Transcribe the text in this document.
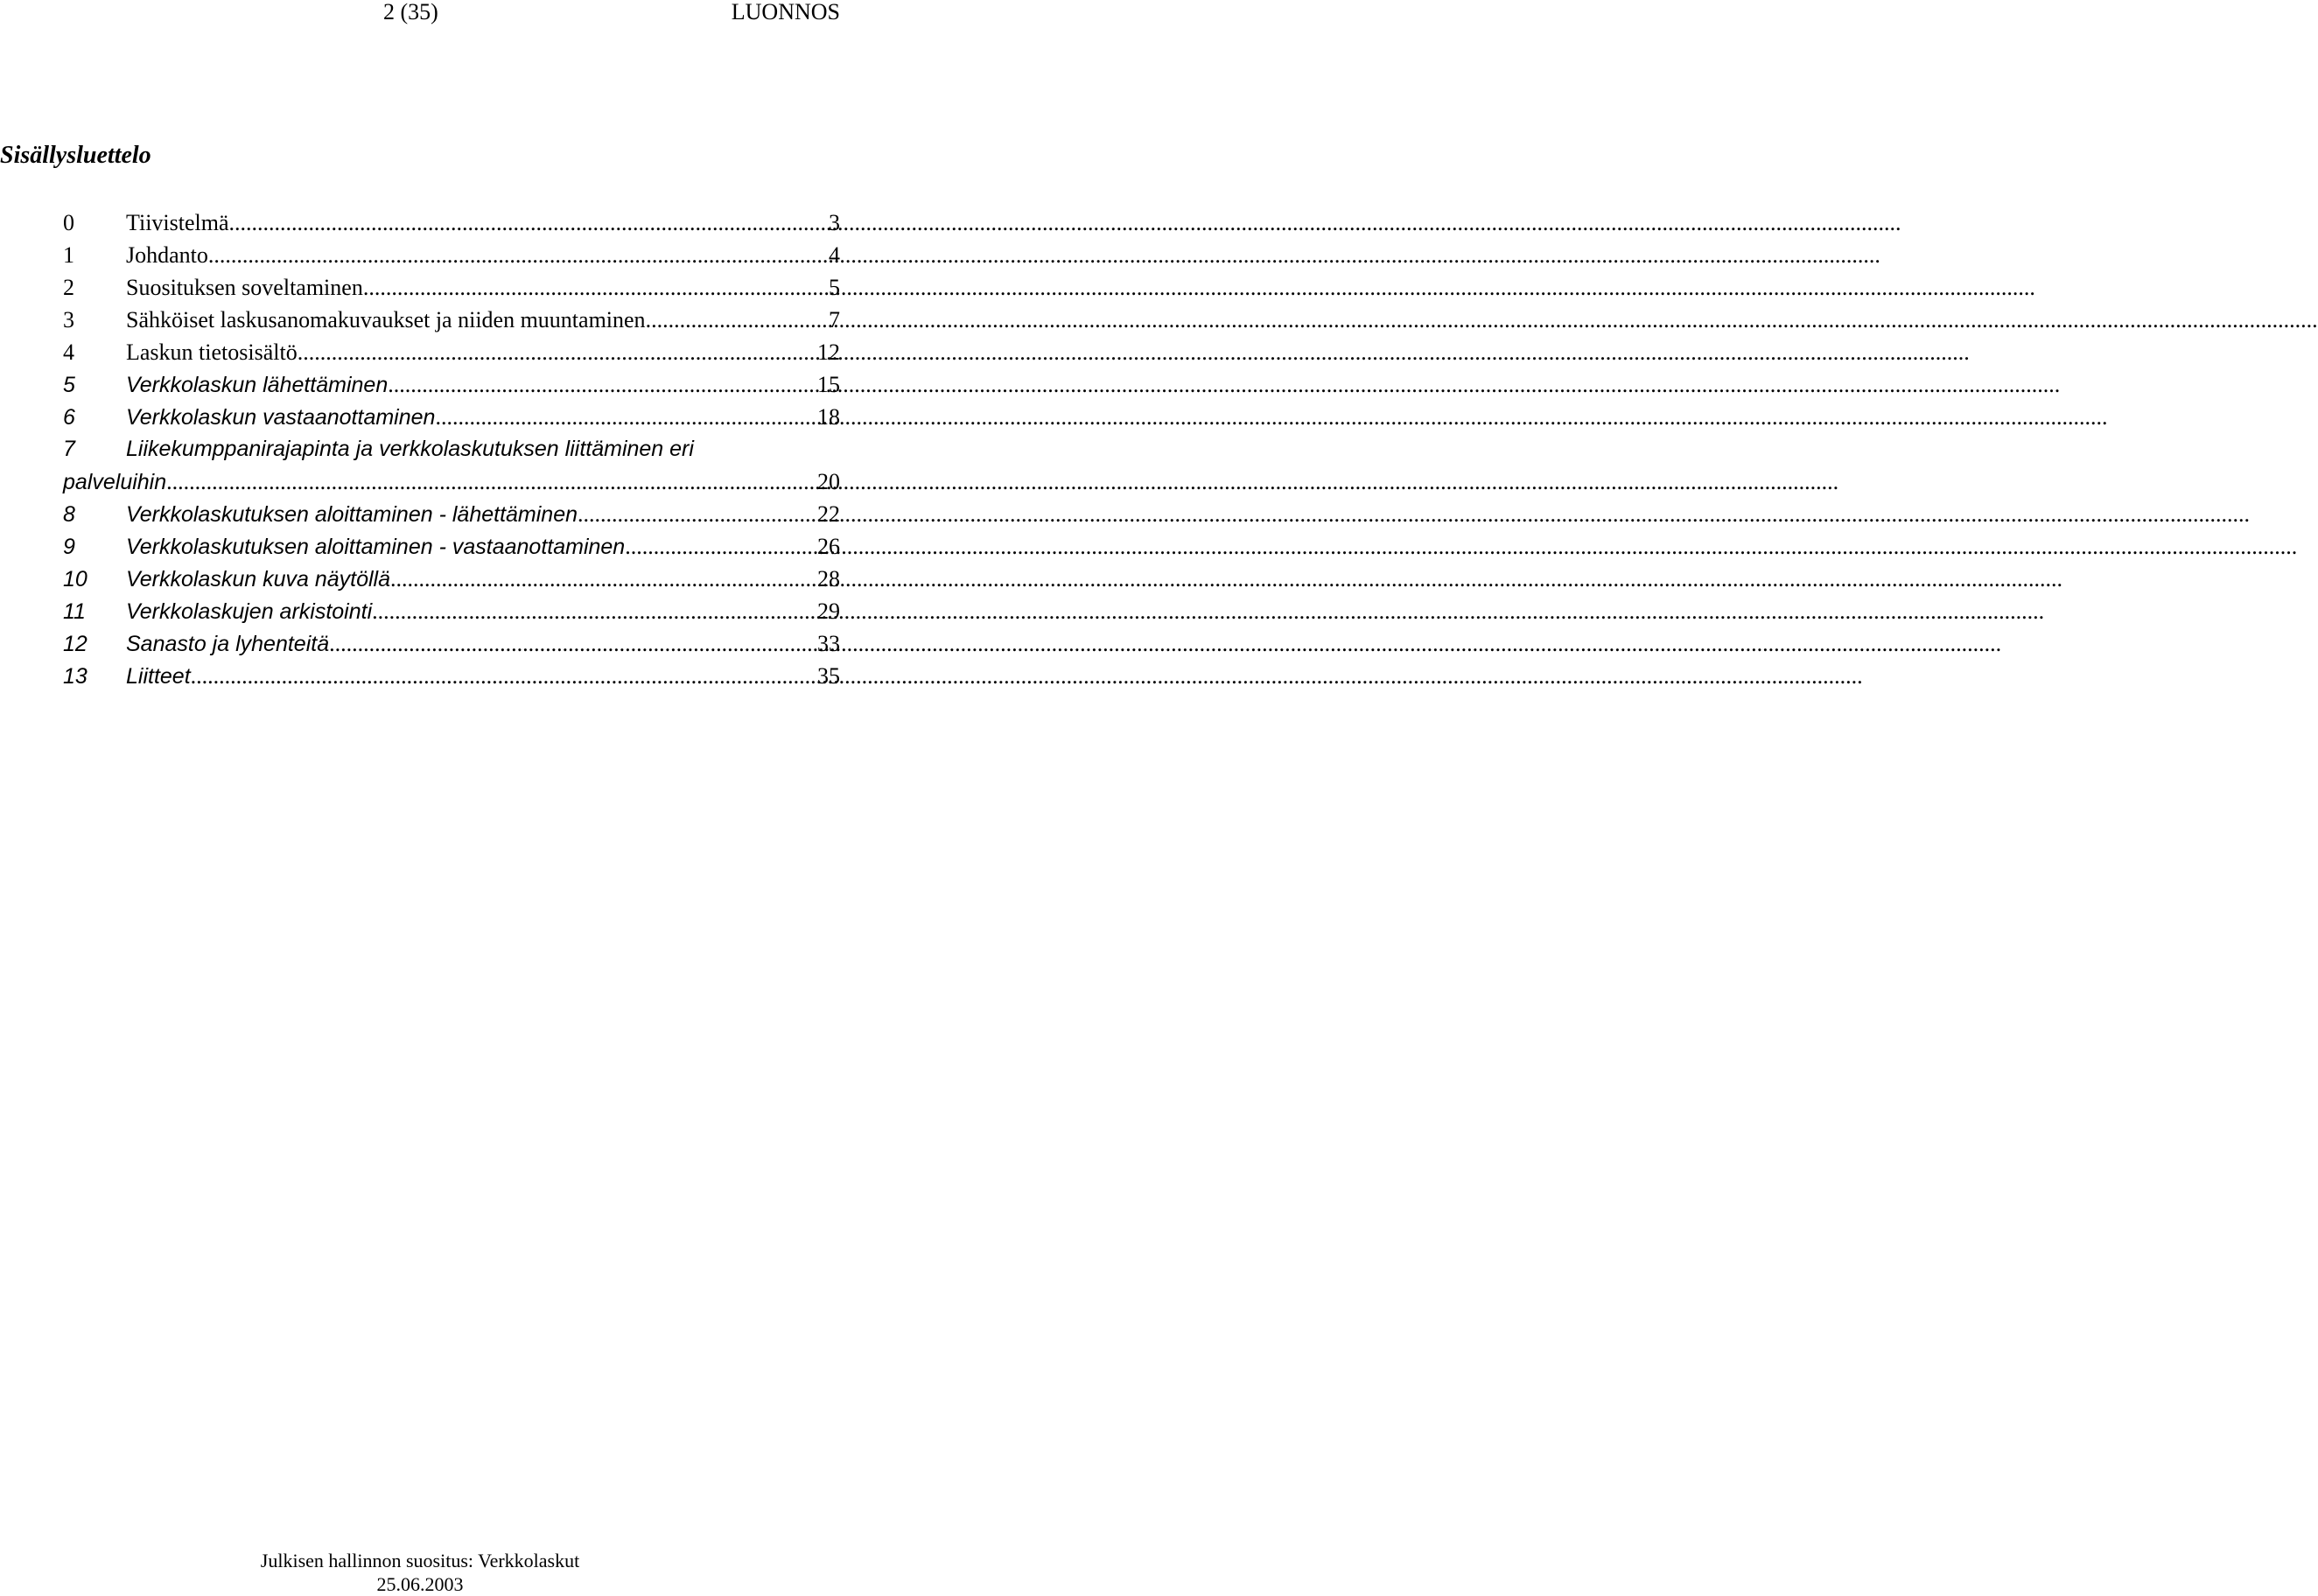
2 (35)	LUONNOS
Sisällysluettelo
0	Tiivistelmä .....	3
1	Johdanto .....	4
2	Suosituksen soveltaminen .....	5
3	Sähköiset laskusanomakuvaukset ja niiden muuntaminen .....	7
4	Laskun tietosisältö .....	12
5	Verkkolaskun lähettäminen .....	15
6	Verkkolaskun vastaanottaminen .....	18
7	Liikekumppanirajapinta ja verkkolaskutuksen liittäminen eri
palveluihin .....	20
8	Verkkolaskutuksen aloittaminen - lähettäminen .....	22
9	Verkkolaskutuksen aloittaminen - vastaanottaminen .....	26
10	Verkkolaskun kuva näytöllä .....	28
11	Verkkolaskujen arkistointi .....	29
12	Sanasto ja lyhenteitä .....	33
13	Liitteet .....	35
Julkisen hallinnon suositus: Verkkolaskut
25.06.2003
